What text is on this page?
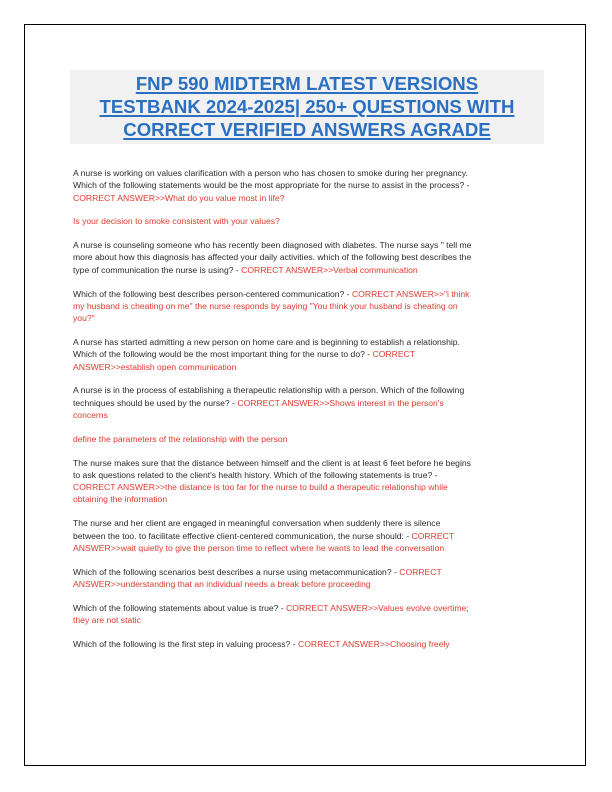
FNP 590 MIDTERM LATEST VERSIONS
TESTBANK 2024-2025| 250+ QUESTIONS WITH
CORRECT VERIFIED ANSWERS AGRADE
A nurse is working on values clarification with a person who has chosen to smoke during her pregnancy.
Which of the following statements would be the most appropriate for the nurse to assist in the process? -
CORRECT ANSWER>>What do you value most in life?
Is your decision to smoke consistent with your values?
A nurse is counseling someone who has recently been diagnosed with diabetes. The nurse says " tell me
more about how this diagnosis has affected your daily activities. which of the following best describes the
type of communication the nurse is using? - CORRECT ANSWER>>Verbal communication
Which of the following best describes person-centered communication? - CORRECT ANSWER>>"i think
my husband is cheating on me" the nurse responds by saying "You think your husband is cheating on
you?"
A nurse has started admitting a new person on home care and is beginning to establish a relationship.
Which of the following would be the most important thing for the nurse to do? - CORRECT
ANSWER>>establish open communication
A nurse is in the process of establishing a therapeutic relationship with a person. Which of the following
techniques should be used by the nurse? - CORRECT ANSWER>>Shows interest in the person's
concerns
define the parameters of the relationship with the person
The nurse makes sure that the distance between himself and the client is at least 6 feet before he begins
to ask questions related to the client's health history. Which of the following statements is true? -
CORRECT ANSWER>>the distance is too far for the nurse to build a therapeutic relationship while
obtaining the information
The nurse and her client are engaged in meaningful conversation when suddenly there is silence
between the too. to facilitate effective client-centered communication, the nurse should: - CORRECT
ANSWER>>wait quietly to give the person time to reflect where he wants to lead the conversation
Which of the following scenarios best describes a nurse using metacommunication? - CORRECT
ANSWER>>understanding that an individual needs a break before proceeding
Which of the following statements about value is true? - CORRECT ANSWER>>Values evolve overtime;
they are not static
Which of the following is the first step in valuing process? - CORRECT ANSWER>>Choosing freely
